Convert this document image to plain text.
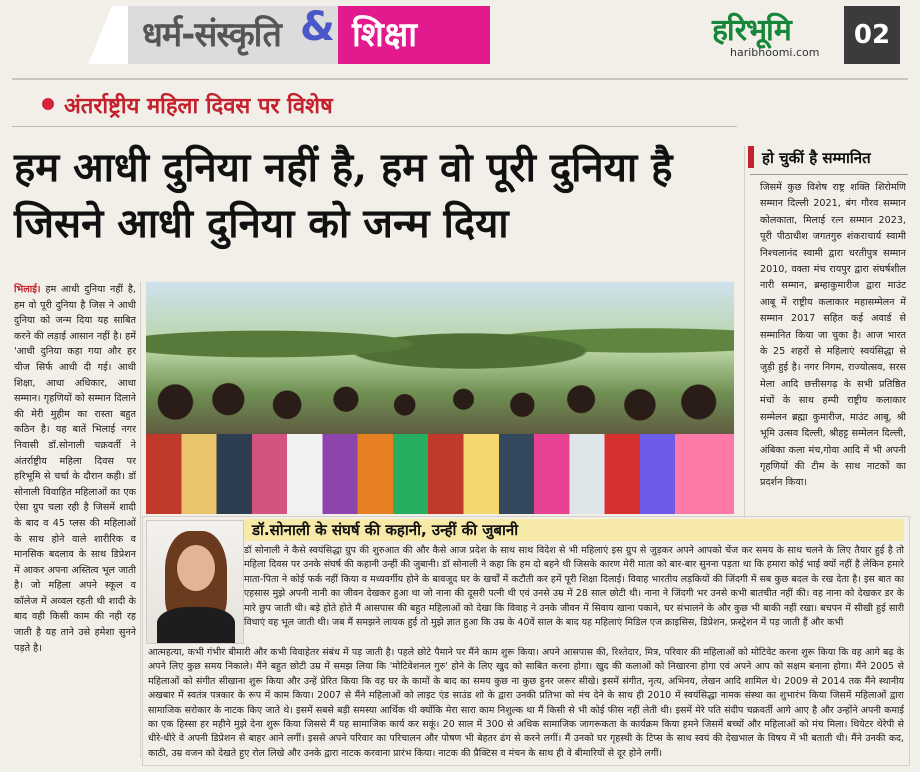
धर्म-संस्कृति शिक्षा
&	हरिभूमि
haribhoomi.com
02
अंतर्राष्ट्रीय महिला दिवस पर विशेष
हम आधी दुनिया नहीं है, हम वो पूरी दुनिया है जिसने आधी दुनिया को जन्म दिया

भिलाई। हम आधी दुनिया नहीं है, हम वो पूरी दुनिया है जिस ने आधी दुनिया को जन्म दिया यह साबित करने की लड़ाई आसान नहीं है। हमें 'आधी दुनिया कहा गया और हर चीज सिर्फ आधी दी गई। आधी शिक्षा, आधा अधिकार, आधा सम्मान। गृहणियों को सम्मान दिलाने की मेरी मुहीम का रास्ता बहुत कठिन है। यह बातें भिलाई नगर निवासी डॉ.सोनाली चक्रवर्ती ने अंतर्राष्ट्रीय महिला दिवस पर हरिभूमि से चर्चा के दौरान कही। डॉ सोनाली विवाहित महिलाओं का एक ऐसा ग्रुप चला रही है जिसमें शादी के बाद व 45 प्लस की महिलाओं के साथ होने वाले शारीरिक व मानसिक बदलाव के साथ डिप्रेशन में आकर अपना अस्तित्व भूल जाती है। जो महिला अपने स्कूल व कॉलेज में अव्वल रहती थी शादी के बाद वही किसी काम की नही रह जाती है यह ताने उसे हमेशा सुनने पड़ते है।

हो चुकीं है सम्मानित

जिसमें कुछ विशेष राष्ट्र शक्ति शिरोमणि सम्मान दिल्ली 2021, बंग गौरव सम्मान कोलकाता, मिलाई रत्न सम्मान 2023, पूरी पीठाधीश जगतगुरु शंकराचार्य स्वामी निश्चलानंद स्वामी द्वारा धरतीपुत्र सम्मान 2010, वक्ता मंच रायपुर द्वारा संघर्षशील नारी सम्मान, ब्रम्हाकुमारीज द्वारा माउंट आबू में राष्ट्रीय कलाकार महासम्मेलन में सम्मान 2017 सहित कई अवार्ड से सम्मानित किया जा चुका है। आज भारत के 25 शहरों से महिलाएं स्वयंसिद्धा से जुड़ी हुई है। नगर निगम, राज्योत्सव, सरस मेला आदि छत्तीसगढ़ के सभी प्रतिष्ठित मंचों के साथ हम्पी राष्ट्रीय कलाकार सम्मेलन ब्रह्मा कुमारीज, माउंट आबू, श्री भूमि उत्सव दिल्ली, श्रीहट्ट सम्मेलन दिल्ली, अंबिका कला मंच,गोवा आदि में भी अपनी गृहणियों की टीम के साथ नाटकों का प्रदर्शन किया।

डॉ.सोनाली के संघर्ष की कहानी, उन्हीं की जुबानी

डॉ सोनाली ने कैसे स्वयंसिद्धा ग्रुप की शुरुआत की और कैसे आज प्रदेश के साथ साथ विदेश से भी महिलाएं इस ग्रुप से जुड़कर अपने आपको चेंज कर समय के साथ चलने के लिए तैयार हुई है तो महिला दिवस पर उनके संघर्ष की कहानी उन्हीं की जुबानी। डॉ सोनाली ने कहा कि हम दो बहने थी जिसके कारण मेरी माता को बार-बार सुनना पड़ता था कि हमारा कोई भाई क्यों नहीं है लेकिन हमारे माता-पिता ने कोई फर्क नहीं किया व मध्यवर्गीय होने के बावजूद घर के खर्चों में कटौती कर हमें पूरी शिक्षा दिलाई। विवाह भारतीय लड़कियों की जिंदगी में सब कुछ बदल के रख देता है। इस बात का एहसास मुझे अपनी नानी का जीवन देखकर हुआ था जो नाना की दूसरी पत्नी थी एवं उनसे उम्र में 28 साल छोटी थी। नाना ने जिंदगी भर उनसे कभी बातचीत नहीं की। वह नाना को देखकर डर के मारे छुप जाती थी। बड़े होते होते मैं आसपास की बहुत महिलाओं को देखा कि विवाह ने उनके जीवन में सिवाय खाना पकाने, घर संभालने के और कुछ भी बाकी नहीं रखा। बचपन में सीखी हुई सारी विधाएं वह भूल जाती थी। जब मैं समझने लायक हुई तो मुझे ज्ञात हुआ कि उम्र के 40वें साल के बाद यह महिलाएं मिडिल एज क्राइसिस, डिप्रेशन, फ्रस्ट्रेशन में पड़ जाती हैं और कभी

आत्महत्या, कभी गंभीर बीमारी और कभी विवाहेतर संबंध में पड़ जाती है। पहले छोटे पैमाने पर मैंने काम शुरू किया। अपने आसपास की, रिश्तेदार, मित्र, परिवार की महिलाओं को मोटिवेट करना शुरू किया कि वह आगे बढ़ के अपने लिए कुछ समय निकाले। मैंने बहुत छोटी उम्र में समझ लिया कि 'मोटिवेशनल गुरु' होने के लिए खुद को साबित करना होगा। खुद की कलाओं को निखारना होगा एवं अपने आप को सक्षम बनाना होगा। मैंने 2005 से महिलाओं को संगीत सीखाना शुरू किया और उन्हें प्रेरित किया कि वह घर के कामों के बाद का समय कुछ ना कुछ हुनर जरूर सीखे। इसमें संगीत, नृत्य, अभिनय, लेखन आदि शामिल थे। 2009 से 2014 तक मैंने स्थानीय अखबार में स्वतंत्र पत्रकार के रूप में काम किया। 2007 से मैंने महिलाओं को लाइट एंड साउंड शो के द्वारा उनकी प्रतिभा को मंच देने के साथ ही 2010 में स्वयंसिद्धा नामक संस्था का शुभारंभ किया जिसमें महिलाओं द्वारा सामाजिक सरोकार के नाटक किए जाते थे। इसमें सबसे बड़ी समस्या आर्थिक थी क्योंकि मेरा सारा काम निशुल्क था मैं किसी से भी कोई फीस नहीं लेती थी। इसमें मेरे पति संदीप चक्रवर्ती आगे आए है और उन्होंने अपनी कमाई का एक हिस्सा हर महीने मुझे देना शुरू किया जिससे मैं यह सामाजिक कार्य कर सकूं। 20 साल में 300 से अधिक सामाजिक जागरूकता के कार्यक्रम किया हमने जिसमें बच्चों और महिलाओं को मंच मिला। थियेटर थेरेपी से धीरे-धीरे वे अपनी डिप्रेशन से बाहर आने लगीं। इससे अपने परिवार का परिचालन और पोषण भी बेहतर ढंग से करने लगीं। मैं उनको घर गृहस्थी के टिप्स के साथ स्वयं की देखभाल के विषय में भी बताती थी। मैंने उनकी कद, काठी, उम्र वजन को देखते हुए रोल लिखे और उनके द्वारा नाटक करवाना प्रारंभ किया। नाटक की प्रैक्टिस व मंचन के साथ ही वे बीमारियों से दूर होने लगीं।
